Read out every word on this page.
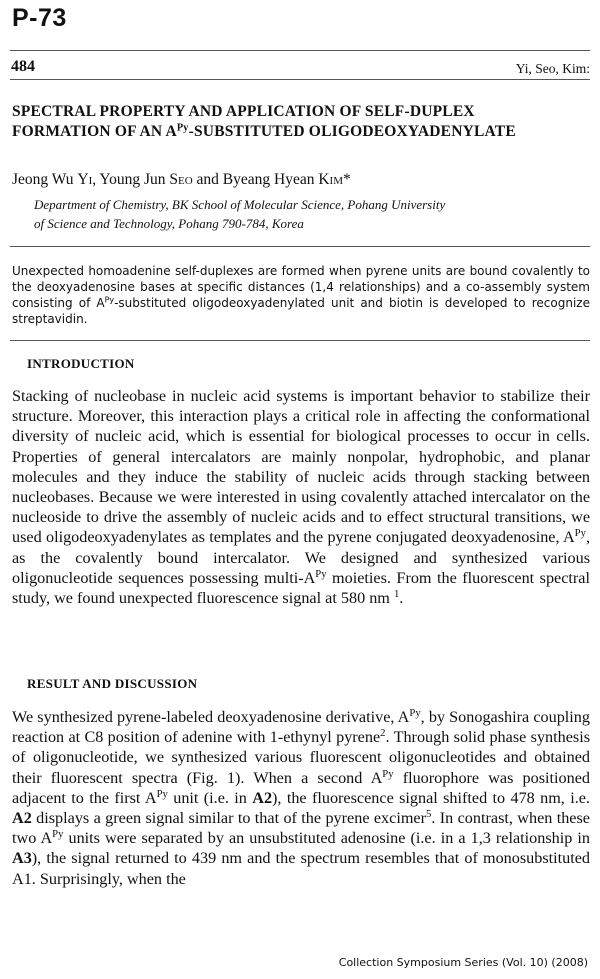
P-73
484	Yi, Seo, Kim:
SPECTRAL PROPERTY AND APPLICATION OF SELF-DUPLEX
FORMATION OF AN $A^{Py}$-SUBSTITUTED OLIGODEOXYADENYLATE
Jeong Wu Yi, Young Jun Seo and Byeang Hyean Kim*
Department of Chemistry, BK School of Molecular Science, Pohang University
of Science and Technology, Pohang 790-784, Korea
Unexpected homoadenine self-duplexes are formed when pyrene units are bound covalently to the deoxyadenosine bases at specific distances (1,4 relationships) and a co-assembly system consisting of $A^{Py}$-substituted oligodeoxyadenylated unit and biotin is developed to recognize streptavidin.
INTRODUCTION
Stacking of nucleobase in nucleic acid systems is important behavior to stabilize their structure. Moreover, this interaction plays a critical role in affecting the conformational diversity of nucleic acid, which is essential for biological processes to occur in cells. Properties of general intercalators are mainly nonpolar, hydrophobic, and planar molecules and they induce the stability of nucleic acids through stacking between nucleobases. Because we were interested in using covalently attached intercalator on the nucleoside to drive the assembly of nucleic acids and to effect structural transitions, we used oligodeoxyadenylates as templates and the pyrene conjugated deoxyadenosine, $A^{Py}$, as the covalently bound intercalator. We designed and synthesized various oligonucleotide sequences possessing multi-$A^{Py}$ moieties. From the fluorescent spectral study, we found unexpected fluorescence signal at 580 nm $^1$.
RESULT AND DISCUSSION
We synthesized pyrene-labeled deoxyadenosine derivative, $A^{Py}$, by Sonogashira coupling reaction at C8 position of adenine with 1-ethynyl pyrene$^2$. Through solid phase synthesis of oligonucleotide, we synthesized various fluorescent oligonucleotides and obtained their fluorescent spectra (Fig. 1). When a second $A^{Py}$ fluorophore was positioned adjacent to the first $A^{Py}$ unit (i.e. in A2), the fluorescence signal shifted to 478 nm, i.e. A2 displays a green signal similar to that of the pyrene excimer$^5$. In contrast, when these two $A^{Py}$ units were separated by an unsubstituted adenosine (i.e. in a 1,3 relationship in A3), the signal returned to 439 nm and the spectrum resembles that of monosubstituted A1. Surprisingly, when the
Collection Symposium Series (Vol. 10) (2008)
